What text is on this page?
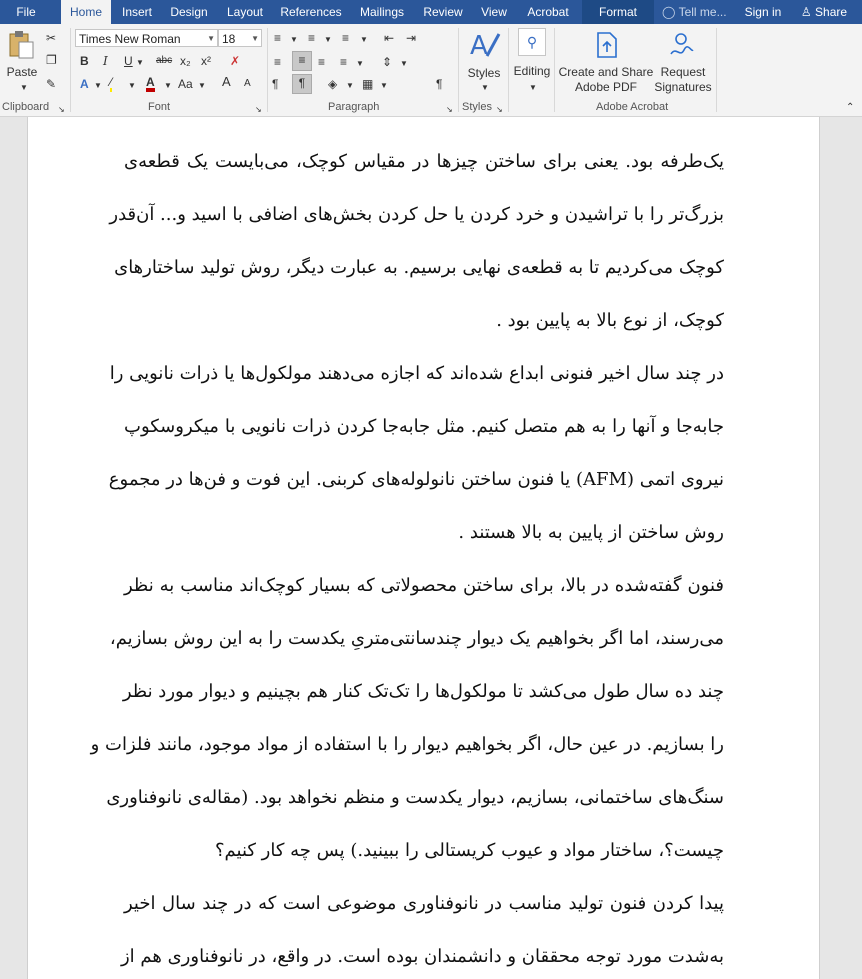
File	Home	Insert	Design	Layout	References	Mailings	Review	View	Acrobat	Format	◯ Tell me...	Sign in	♙ Share
Paste
▼
✂
❐
✎
Clipboard ↘
Times New Roman	▼ 18 ▼
B I U ▼ abc x₂ x² ✗
A ▼ ⁄ ▼ A ▼ Aa ▼ A A
Font	↘
≡ ▼ ≡ ▼ ≡ ▼ ⇤ ⇥
≡	≡	≡ ≡ ▼ ⇕ ▼
¶	¶	◈ ▼ ▦ ▼	¶
Paragraph	↘
A
Styles
▼
Styles ↘
⚲
Editing
▼
Create and Share
Adobe PDF
Request
Signatures
Adobe Acrobat	⌃
یک‌طرفه بود. یعنی برای ساختن چیزها در مقیاس کوچک، می‌بایست یک قطعه‌ی
بزرگ‌تر را با تراشیدن و خرد کردن یا حل کردن بخش‌های اضافی با اسید و... آن‌قدر
کوچک می‌کردیم تا به قطعه‌ی نهایی برسیم. به عبارت دیگر، روش تولید ساختارهای
کوچک، از نوع بالا به پایین بود .
در چند سال اخیر فنونی ابداع شده‌اند که اجازه می‌دهند مولکول‌ها یا ذرات نانویی را
جابه‌جا و آنها را به هم متصل کنیم. مثل جابه‌جا کردن ذرات نانویی با میکروسکوپ
نیروی اتمی (AFM) یا فنون ساختن نانولوله‌های کربنی. این فوت و فن‌ها در مجموع
روش ساختن از پایین به بالا هستند .
فنون گفته‌شده در بالا، برای ساختن محصولاتی که بسیار کوچک‌اند مناسب به نظر
می‌رسند، اما اگر بخواهیم یک دیوار چندسانتی‌متریِ یکدست را به این روش بسازیم،
چند ده سال طول می‌کشد تا مولکول‌ها را تک‌تک کنار هم بچینیم و دیوار مورد نظر
را بسازیم. در عین حال، اگر بخواهیم دیوار را با استفاده از مواد موجود، مانند فلزات و
سنگ‌های ساختمانی، بسازیم، دیوار یکدست و منظم نخواهد بود. (مقاله‌ی نانوفناوری
چیست؟، ساختار مواد و عیوب کریستالی را ببینید.) پس چه کار کنیم؟
پیدا کردن فنون تولید مناسب در نانوفناوری موضوعی است که در چند سال اخیر
به‌شدت مورد توجه محققان و دانشمندان بوده است. در واقع، در نانوفناوری هم از
